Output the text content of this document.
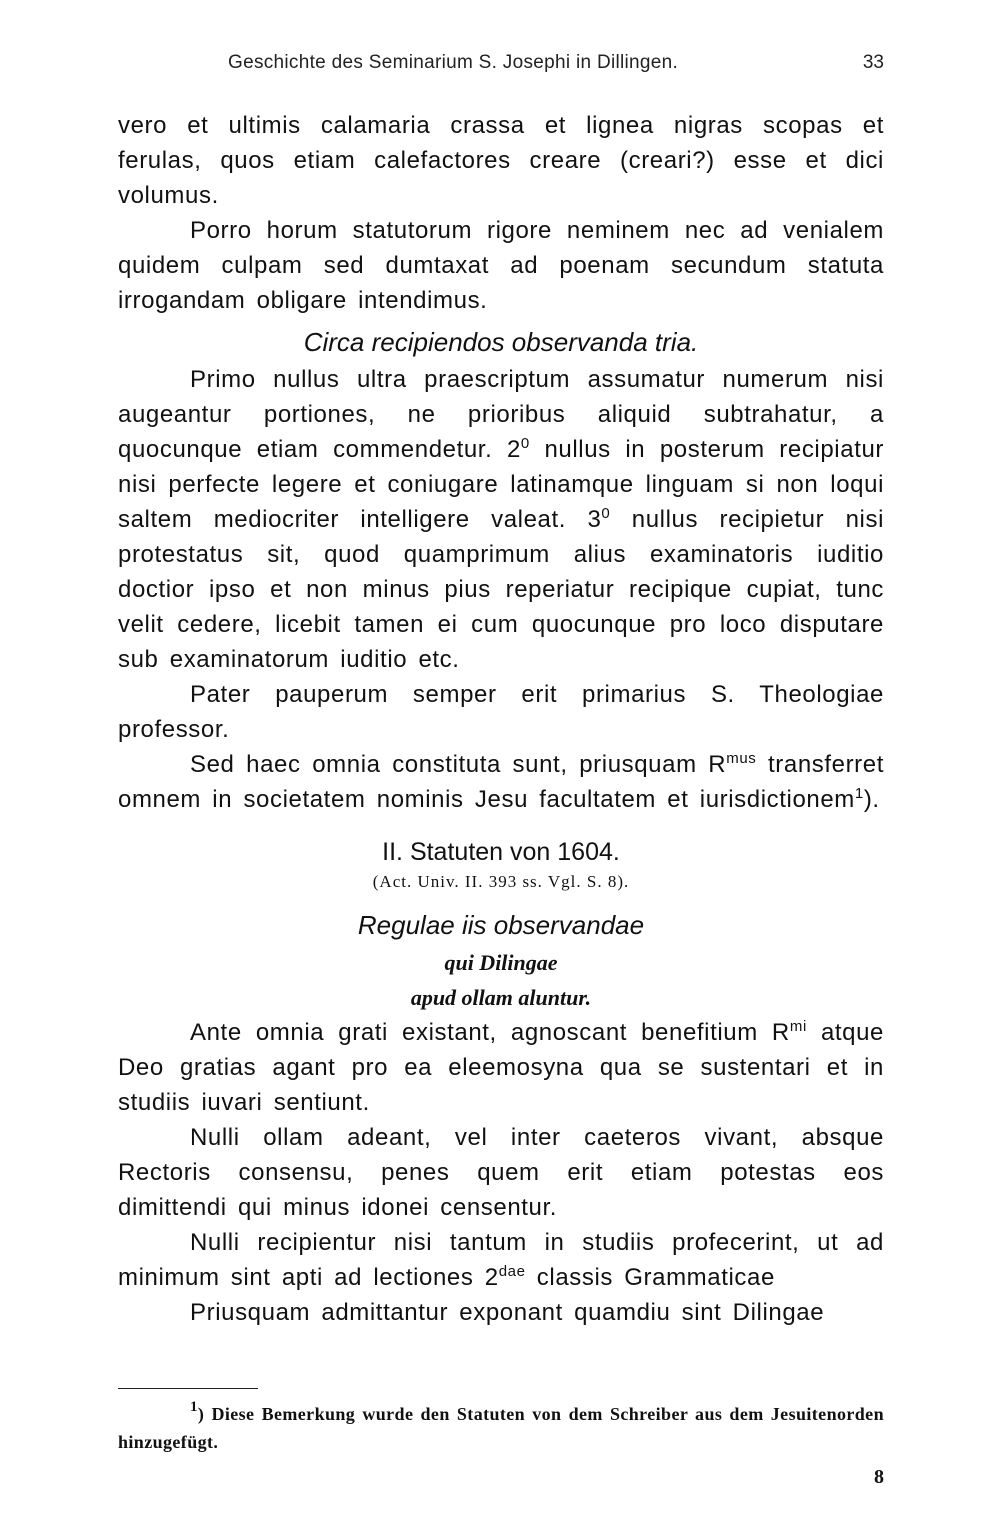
Geschichte des Seminarium S. Josephi in Dillingen.	33

vero et ultimis calamaria crassa et lignea nigras scopas et ferulas, quos etiam calefactores creare (creari?) esse et dici volumus.

Porro horum statutorum rigore neminem nec ad venialem quidem culpam sed dumtaxat ad poenam secundum statuta irrogandam obligare intendimus.

Circa recipiendos observanda tria.

Primo nullus ultra praescriptum assumatur numerum nisi augeantur portiones, ne prioribus aliquid subtrahatur, a quocunque etiam commendetur. $2^0$ nullus in posterum recipiatur nisi perfecte legere et coniugare latinamque linguam si non loqui saltem mediocriter intelligere valeat. $3^0$ nullus recipietur nisi protestatus sit, quod quamprimum alius examinatoris iuditio doctior ipso et non minus pius reperiatur recipique cupiat, tunc velit cedere, licebit tamen ei cum quocunque pro loco disputare sub examinatorum iuditio etc.

Pater pauperum semper erit primarius S. Theologiae professor.

Sed haec omnia constituta sunt, priusquam $R^{mus}$ transferret omnem in societatem nominis Jesu facultatem et iurisdictionem$^1$).

II. Statuten von 1604.
(Act. Univ. II. 393 ss. Vgl. S. 8).
Regulae iis observandae
qui Dilingae
apud ollam aluntur.

Ante omnia grati existant, agnoscant benefitium $R^{mi}$ atque Deo gratias agant pro ea eleemosyna qua se sustentari et in studiis iuvari sentiunt.

Nulli ollam adeant, vel inter caeteros vivant, absque Rectoris consensu, penes quem erit etiam potestas eos dimittendi qui minus idonei censentur.

Nulli recipientur nisi tantum in studiis profecerint, ut ad minimum sint apti ad lectiones $2^{dae}$ classis Grammaticae

Priusquam admittantur exponant quamdiu sint Dilingae

$^1$) Diese Bemerkung wurde den Statuten von dem Schreiber aus dem Jesuitenorden hinzugefügt.
8
